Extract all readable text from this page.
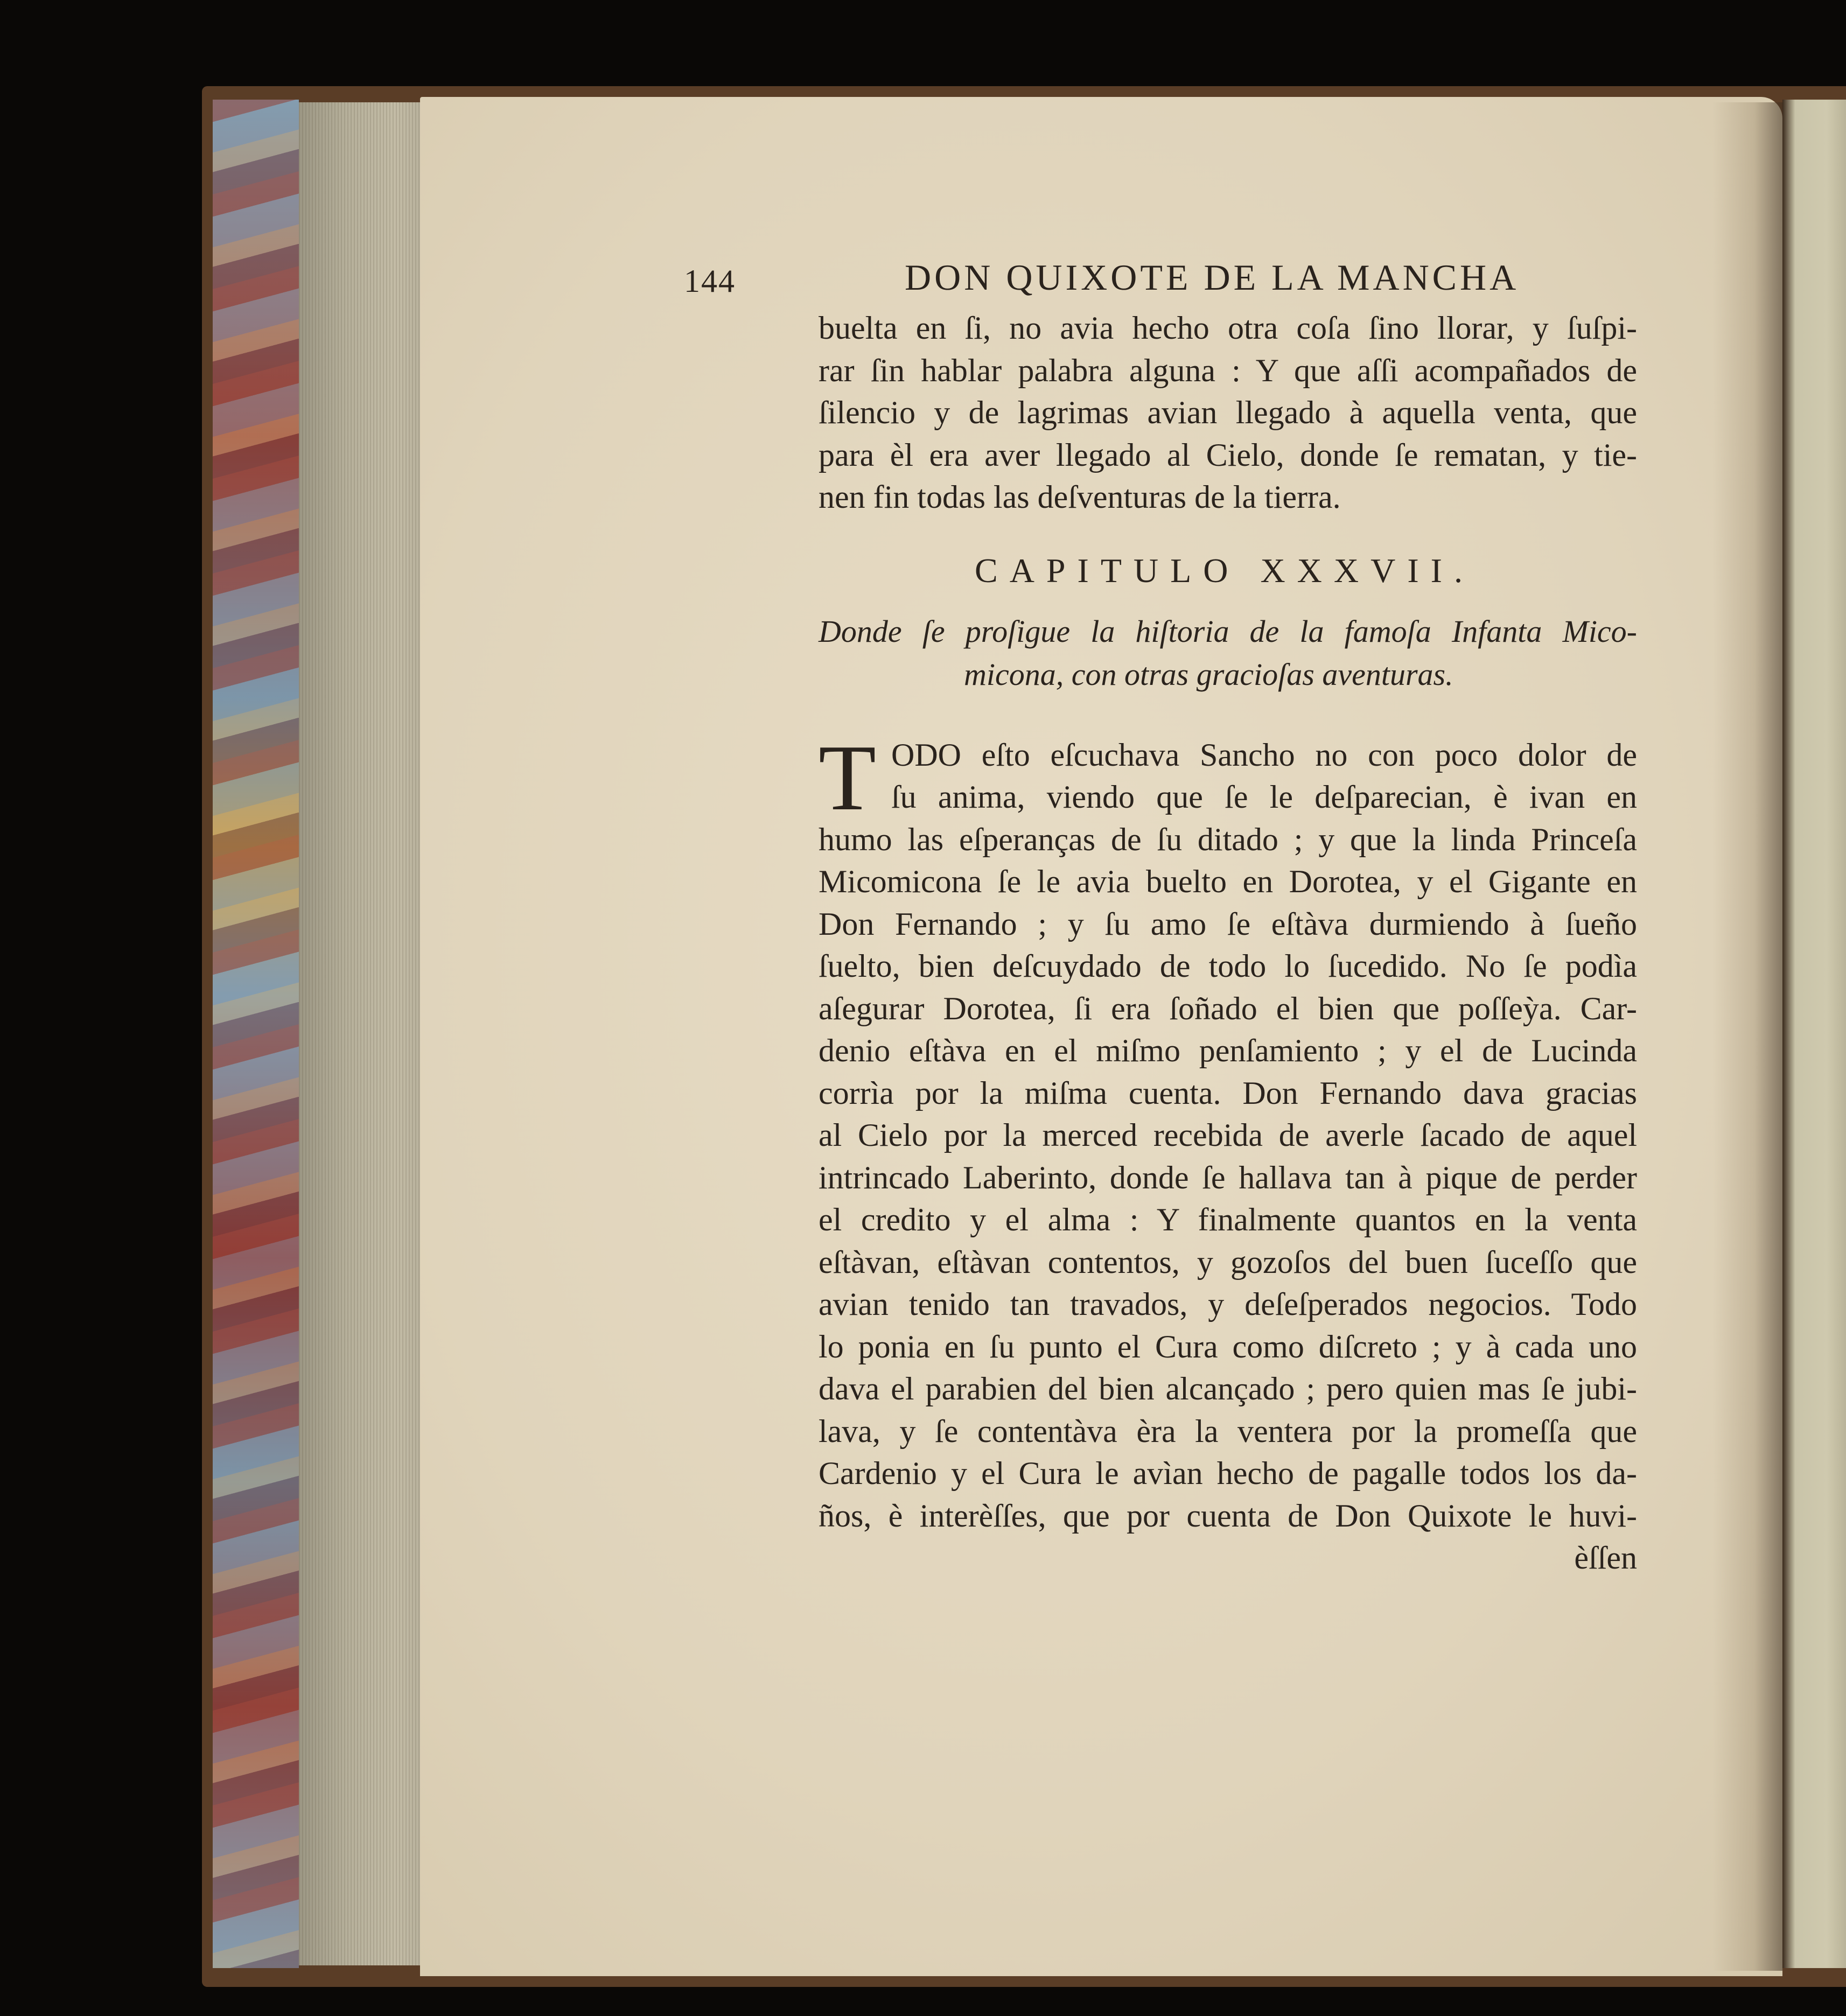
144	DON QUIXOTE DE LA MANCHA
buelta en ſi, no avia hecho otra coſa ſino llorar, y ſuſpi-
rar ſin hablar palabra alguna : Y que aſſi acompañados de
ſilencio y de lagrimas avian llegado à aquella venta, que
para èl era aver llegado al Cielo, donde ſe rematan, y tie-
nen fin todas las deſventuras de la tierra.
CAPITULO XXXVII.
Donde ſe proſigue la hiſtoria de la famoſa Infanta Mico-
micona, con otras gracioſas aventuras.
T ODO eſto eſcuchava Sancho no con poco dolor de
ſu anima, viendo que ſe le deſparecian, è ivan en
humo las eſperanças de ſu ditado ; y que la linda Princeſa
Micomicona ſe le avia buelto en Dorotea, y el Gigante en
Don Fernando ; y ſu amo ſe eſtàva durmiendo à ſueño
ſuelto, bien deſcuydado de todo lo ſucedido. No ſe podìa
aſegurar Dorotea, ſi era ſoñado el bien que poſſeỳa. Car-
denio eſtàva en el miſmo penſamiento ; y el de Lucinda
corrìa por la miſma cuenta. Don Fernando dava gracias
al Cielo por la merced recebida de averle ſacado de aquel
intrincado Laberinto, donde ſe hallava tan à pique de perder
el credito y el alma : Y finalmente quantos en la venta
eſtàvan, eſtàvan contentos, y gozoſos del buen ſuceſſo que
avian tenido tan travados, y deſeſperados negocios. Todo
lo ponia en ſu punto el Cura como diſcreto ; y à cada uno
dava el parabien del bien alcançado ; pero quien mas ſe jubi-
lava, y ſe contentàva èra la ventera por la promeſſa que
Cardenio y el Cura le avìan hecho de pagalle todos los da-
ños, è interèſſes, que por cuenta de Don Quixote le huvi-
èſſen
